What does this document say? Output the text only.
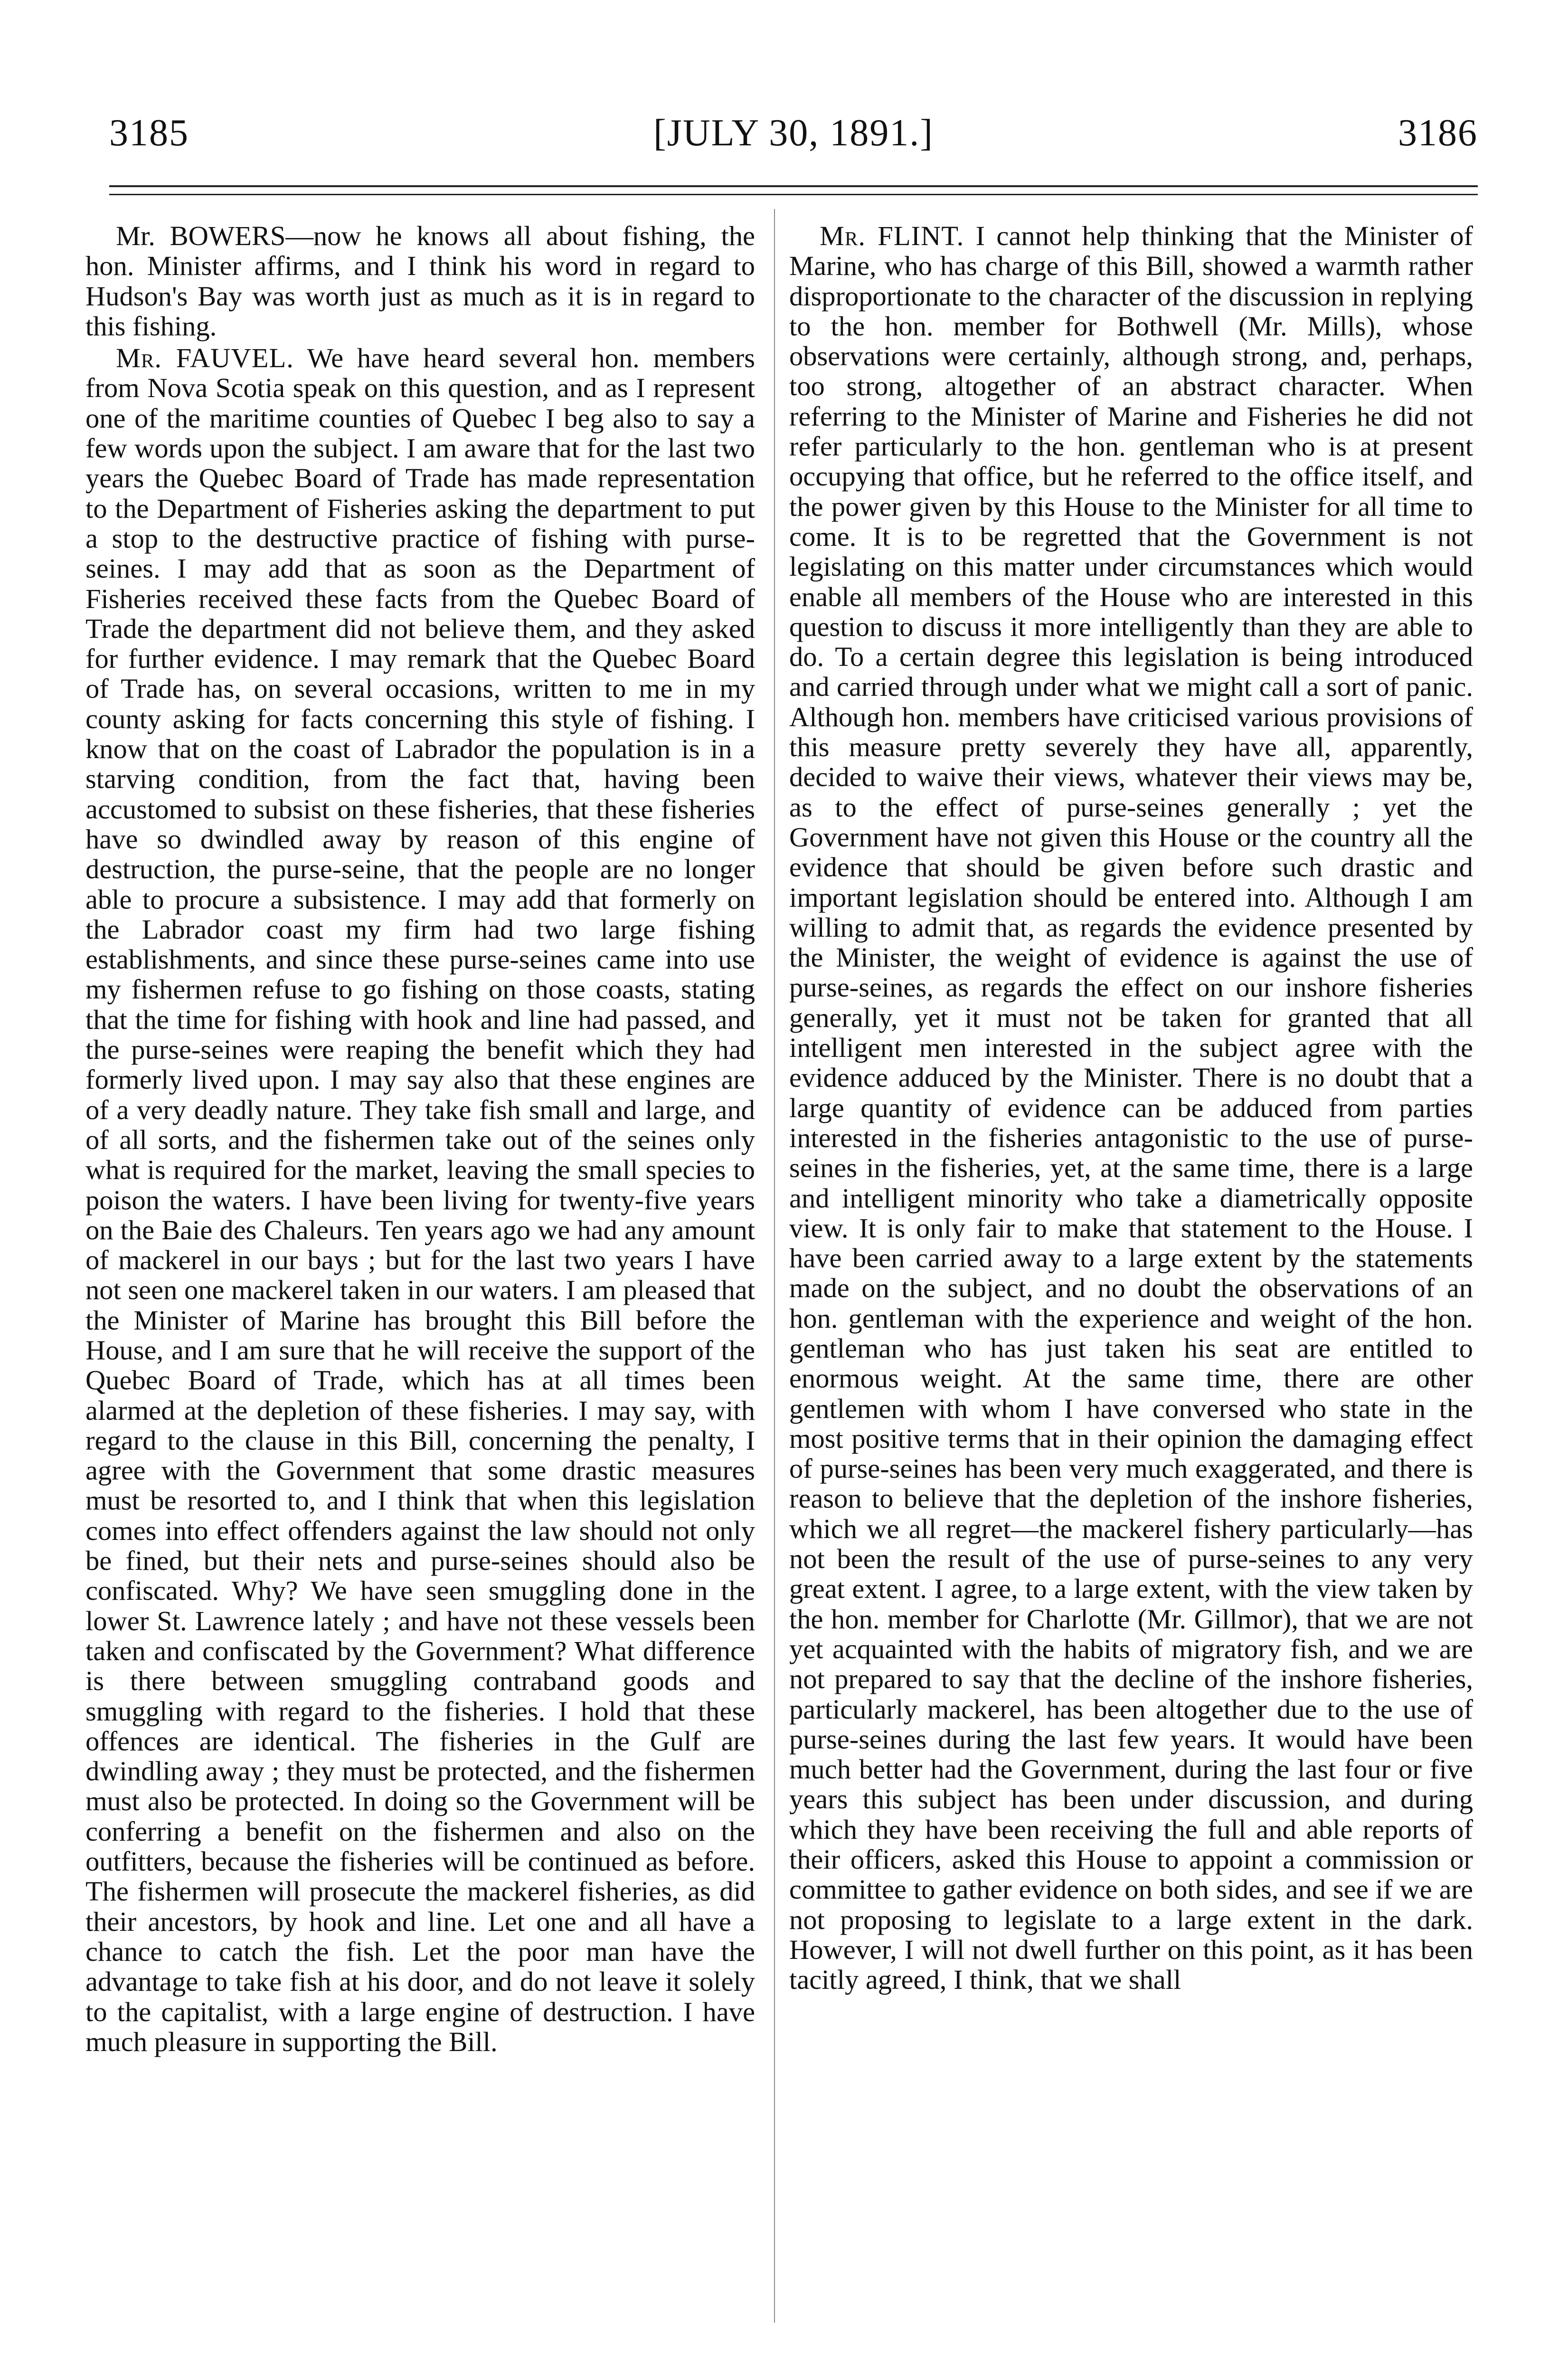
3185	[JULY 30, 1891.]	3186

Mr. BOWERS—now he knows all about fishing, the hon. Minister affirms, and I think his word in regard to Hudson's Bay was worth just as much as it is in regard to this fishing.

Mr. FAUVEL. We have heard several hon. members from Nova Scotia speak on this question, and as I represent one of the maritime counties of Quebec I beg also to say a few words upon the subject. I am aware that for the last two years the Quebec Board of Trade has made representation to the Department of Fisheries asking the department to put a stop to the destructive practice of fishing with purse-seines. I may add that as soon as the Department of Fisheries received these facts from the Quebec Board of Trade the department did not believe them, and they asked for further evidence. I may remark that the Quebec Board of Trade has, on several occasions, written to me in my county asking for facts concerning this style of fishing. I know that on the coast of Labrador the population is in a starving condition, from the fact that, having been accustomed to subsist on these fisheries, that these fisheries have so dwindled away by reason of this engine of destruction, the purse-seine, that the people are no longer able to procure a subsistence. I may add that formerly on the Labrador coast my firm had two large fishing establishments, and since these purse-seines came into use my fishermen refuse to go fishing on those coasts, stating that the time for fishing with hook and line had passed, and the purse-seines were reaping the benefit which they had formerly lived upon. I may say also that these engines are of a very deadly nature. They take fish small and large, and of all sorts, and the fishermen take out of the seines only what is required for the market, leaving the small species to poison the waters. I have been living for twenty-five years on the Baie des Chaleurs. Ten years ago we had any amount of mackerel in our bays ; but for the last two years I have not seen one mackerel taken in our waters. I am pleased that the Minister of Marine has brought this Bill before the House, and I am sure that he will receive the support of the Quebec Board of Trade, which has at all times been alarmed at the depletion of these fisheries. I may say, with regard to the clause in this Bill, concerning the penalty, I agree with the Government that some drastic measures must be resorted to, and I think that when this legislation comes into effect offenders against the law should not only be fined, but their nets and purse-seines should also be confiscated. Why? We have seen smuggling done in the lower St. Lawrence lately ; and have not these vessels been taken and confiscated by the Government? What difference is there between smuggling contraband goods and smuggling with regard to the fisheries. I hold that these offences are identical. The fisheries in the Gulf are dwindling away ; they must be protected, and the fishermen must also be protected. In doing so the Government will be conferring a benefit on the fishermen and also on the outfitters, because the fisheries will be continued as before. The fishermen will prosecute the mackerel fisheries, as did their ancestors, by hook and line. Let one and all have a chance to catch the fish. Let the poor man have the advantage to take fish at his door, and do not leave it solely to the capitalist, with a large engine of destruction. I have much pleasure in supporting the Bill.

Mr. FLINT. I cannot help thinking that the Minister of Marine, who has charge of this Bill, showed a warmth rather disproportionate to the character of the discussion in replying to the hon. member for Bothwell (Mr. Mills), whose observations were certainly, although strong, and, perhaps, too strong, altogether of an abstract character. When referring to the Minister of Marine and Fisheries he did not refer particularly to the hon. gentleman who is at present occupying that office, but he referred to the office itself, and the power given by this House to the Minister for all time to come. It is to be regretted that the Government is not legislating on this matter under circumstances which would enable all members of the House who are interested in this question to discuss it more intelligently than they are able to do. To a certain degree this legislation is being introduced and carried through under what we might call a sort of panic. Although hon. members have criticised various provisions of this measure pretty severely they have all, apparently, decided to waive their views, whatever their views may be, as to the effect of purse-seines generally ; yet the Government have not given this House or the country all the evidence that should be given before such drastic and important legislation should be entered into. Although I am willing to admit that, as regards the evidence presented by the Minister, the weight of evidence is against the use of purse-seines, as regards the effect on our inshore fisheries generally, yet it must not be taken for granted that all intelligent men interested in the subject agree with the evidence adduced by the Minister. There is no doubt that a large quantity of evidence can be adduced from parties interested in the fisheries antagonistic to the use of purse-seines in the fisheries, yet, at the same time, there is a large and intelligent minority who take a diametrically opposite view. It is only fair to make that statement to the House. I have been carried away to a large extent by the statements made on the subject, and no doubt the observations of an hon. gentleman with the experience and weight of the hon. gentleman who has just taken his seat are entitled to enormous weight. At the same time, there are other gentlemen with whom I have conversed who state in the most positive terms that in their opinion the damaging effect of purse-seines has been very much exaggerated, and there is reason to believe that the depletion of the inshore fisheries, which we all regret—the mackerel fishery particularly—has not been the result of the use of purse-seines to any very great extent. I agree, to a large extent, with the view taken by the hon. member for Charlotte (Mr. Gillmor), that we are not yet acquainted with the habits of migratory fish, and we are not prepared to say that the decline of the inshore fisheries, particularly mackerel, has been altogether due to the use of purse-seines during the last few years. It would have been much better had the Government, during the last four or five years this subject has been under discussion, and during which they have been receiving the full and able reports of their officers, asked this House to appoint a commission or committee to gather evidence on both sides, and see if we are not proposing to legislate to a large extent in the dark. However, I will not dwell further on this point, as it has been tacitly agreed, I think, that we shall
